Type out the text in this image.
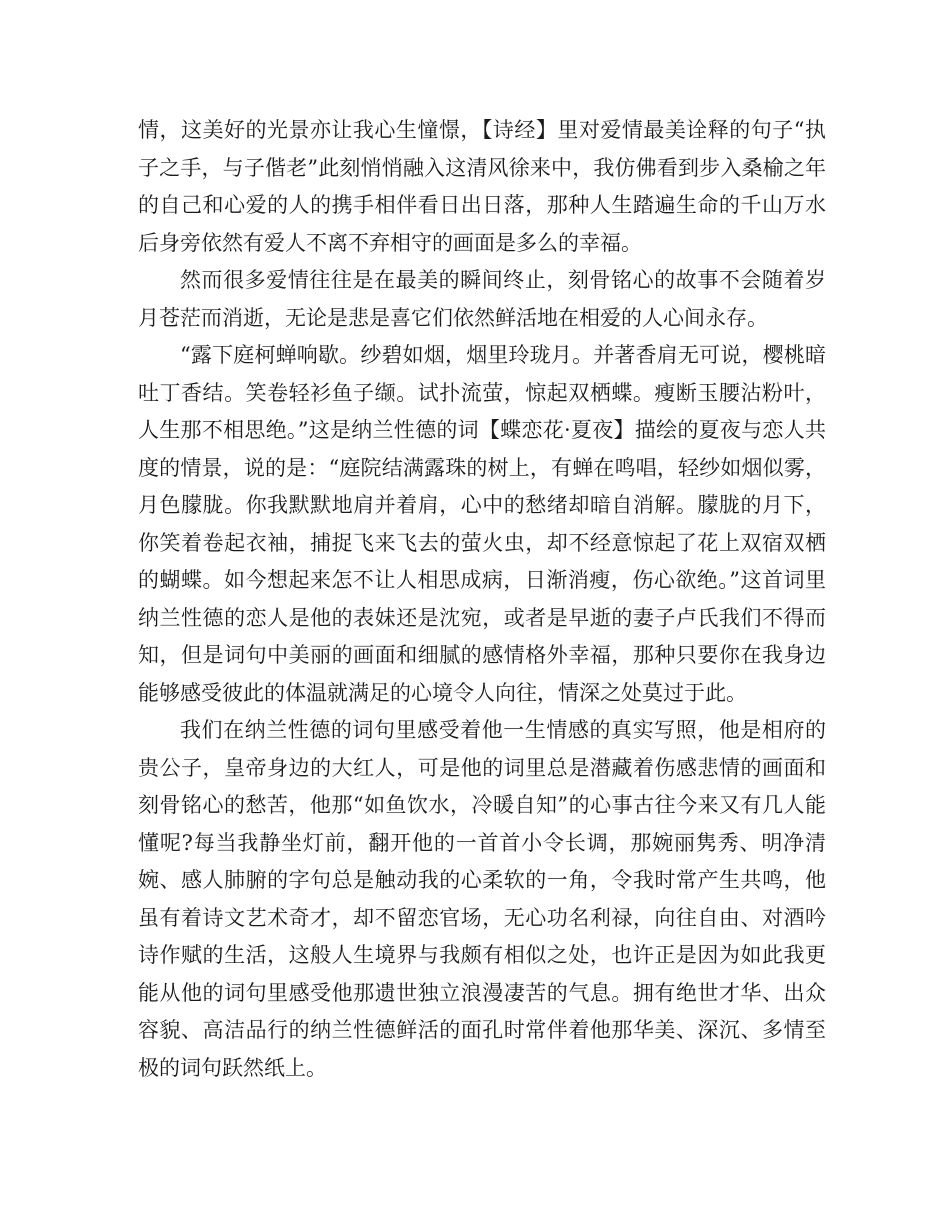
情，这美好的光景亦让我心生憧憬，【诗经】里对爱情最美诠释的句子“执子之手，与子偕老”此刻悄悄融入这清风徐来中，我仿佛看到步入桑榆之年的自己和心爱的人的携手相伴看日出日落，那种人生踏遍生命的千山万水后身旁依然有爱人不离不弃相守的画面是多么的幸福。

然而很多爱情往往是在最美的瞬间终止，刻骨铭心的故事不会随着岁月苍茫而消逝，无论是悲是喜它们依然鲜活地在相爱的人心间永存。

“露下庭柯蝉响歇。纱碧如烟，烟里玲珑月。并著香肩无可说，樱桃暗吐丁香结。笑卷轻衫鱼子缬。试扑流萤，惊起双栖蝶。瘦断玉腰沾粉叶，人生那不相思绝。”这是纳兰性德的词【蝶恋花·夏夜】描绘的夏夜与恋人共度的情景，说的是：“庭院结满露珠的树上，有蝉在鸣唱，轻纱如烟似雾，月色朦胧。你我默默地肩并着肩，心中的愁绪却暗自消解。朦胧的月下，你笑着卷起衣袖，捕捉飞来飞去的萤火虫，却不经意惊起了花上双宿双栖的蝴蝶。如今想起来怎不让人相思成病，日渐消瘦，伤心欲绝。”这首词里纳兰性德的恋人是他的表妹还是沈宛，或者是早逝的妻子卢氏我们不得而知，但是词句中美丽的画面和细腻的感情格外幸福，那种只要你在我身边能够感受彼此的体温就满足的心境令人向往，情深之处莫过于此。

我们在纳兰性德的词句里感受着他一生情感的真实写照，他是相府的贵公子，皇帝身边的大红人，可是他的词里总是潜藏着伤感悲情的画面和刻骨铭心的愁苦，他那“如鱼饮水，冷暖自知”的心事古往今来又有几人能懂呢?每当我静坐灯前，翻开他的一首首小令长调，那婉丽隽秀、明净清婉、感人肺腑的字句总是触动我的心柔软的一角，令我时常产生共鸣，他虽有着诗文艺术奇才，却不留恋官场，无心功名利禄，向往自由、对酒吟诗作赋的生活，这般人生境界与我颇有相似之处，也许正是因为如此我更能从他的词句里感受他那遗世独立浪漫凄苦的气息。拥有绝世才华、出众容貌、高洁品行的纳兰性德鲜活的面孔时常伴着他那华美、深沉、多情至极的词句跃然纸上。
